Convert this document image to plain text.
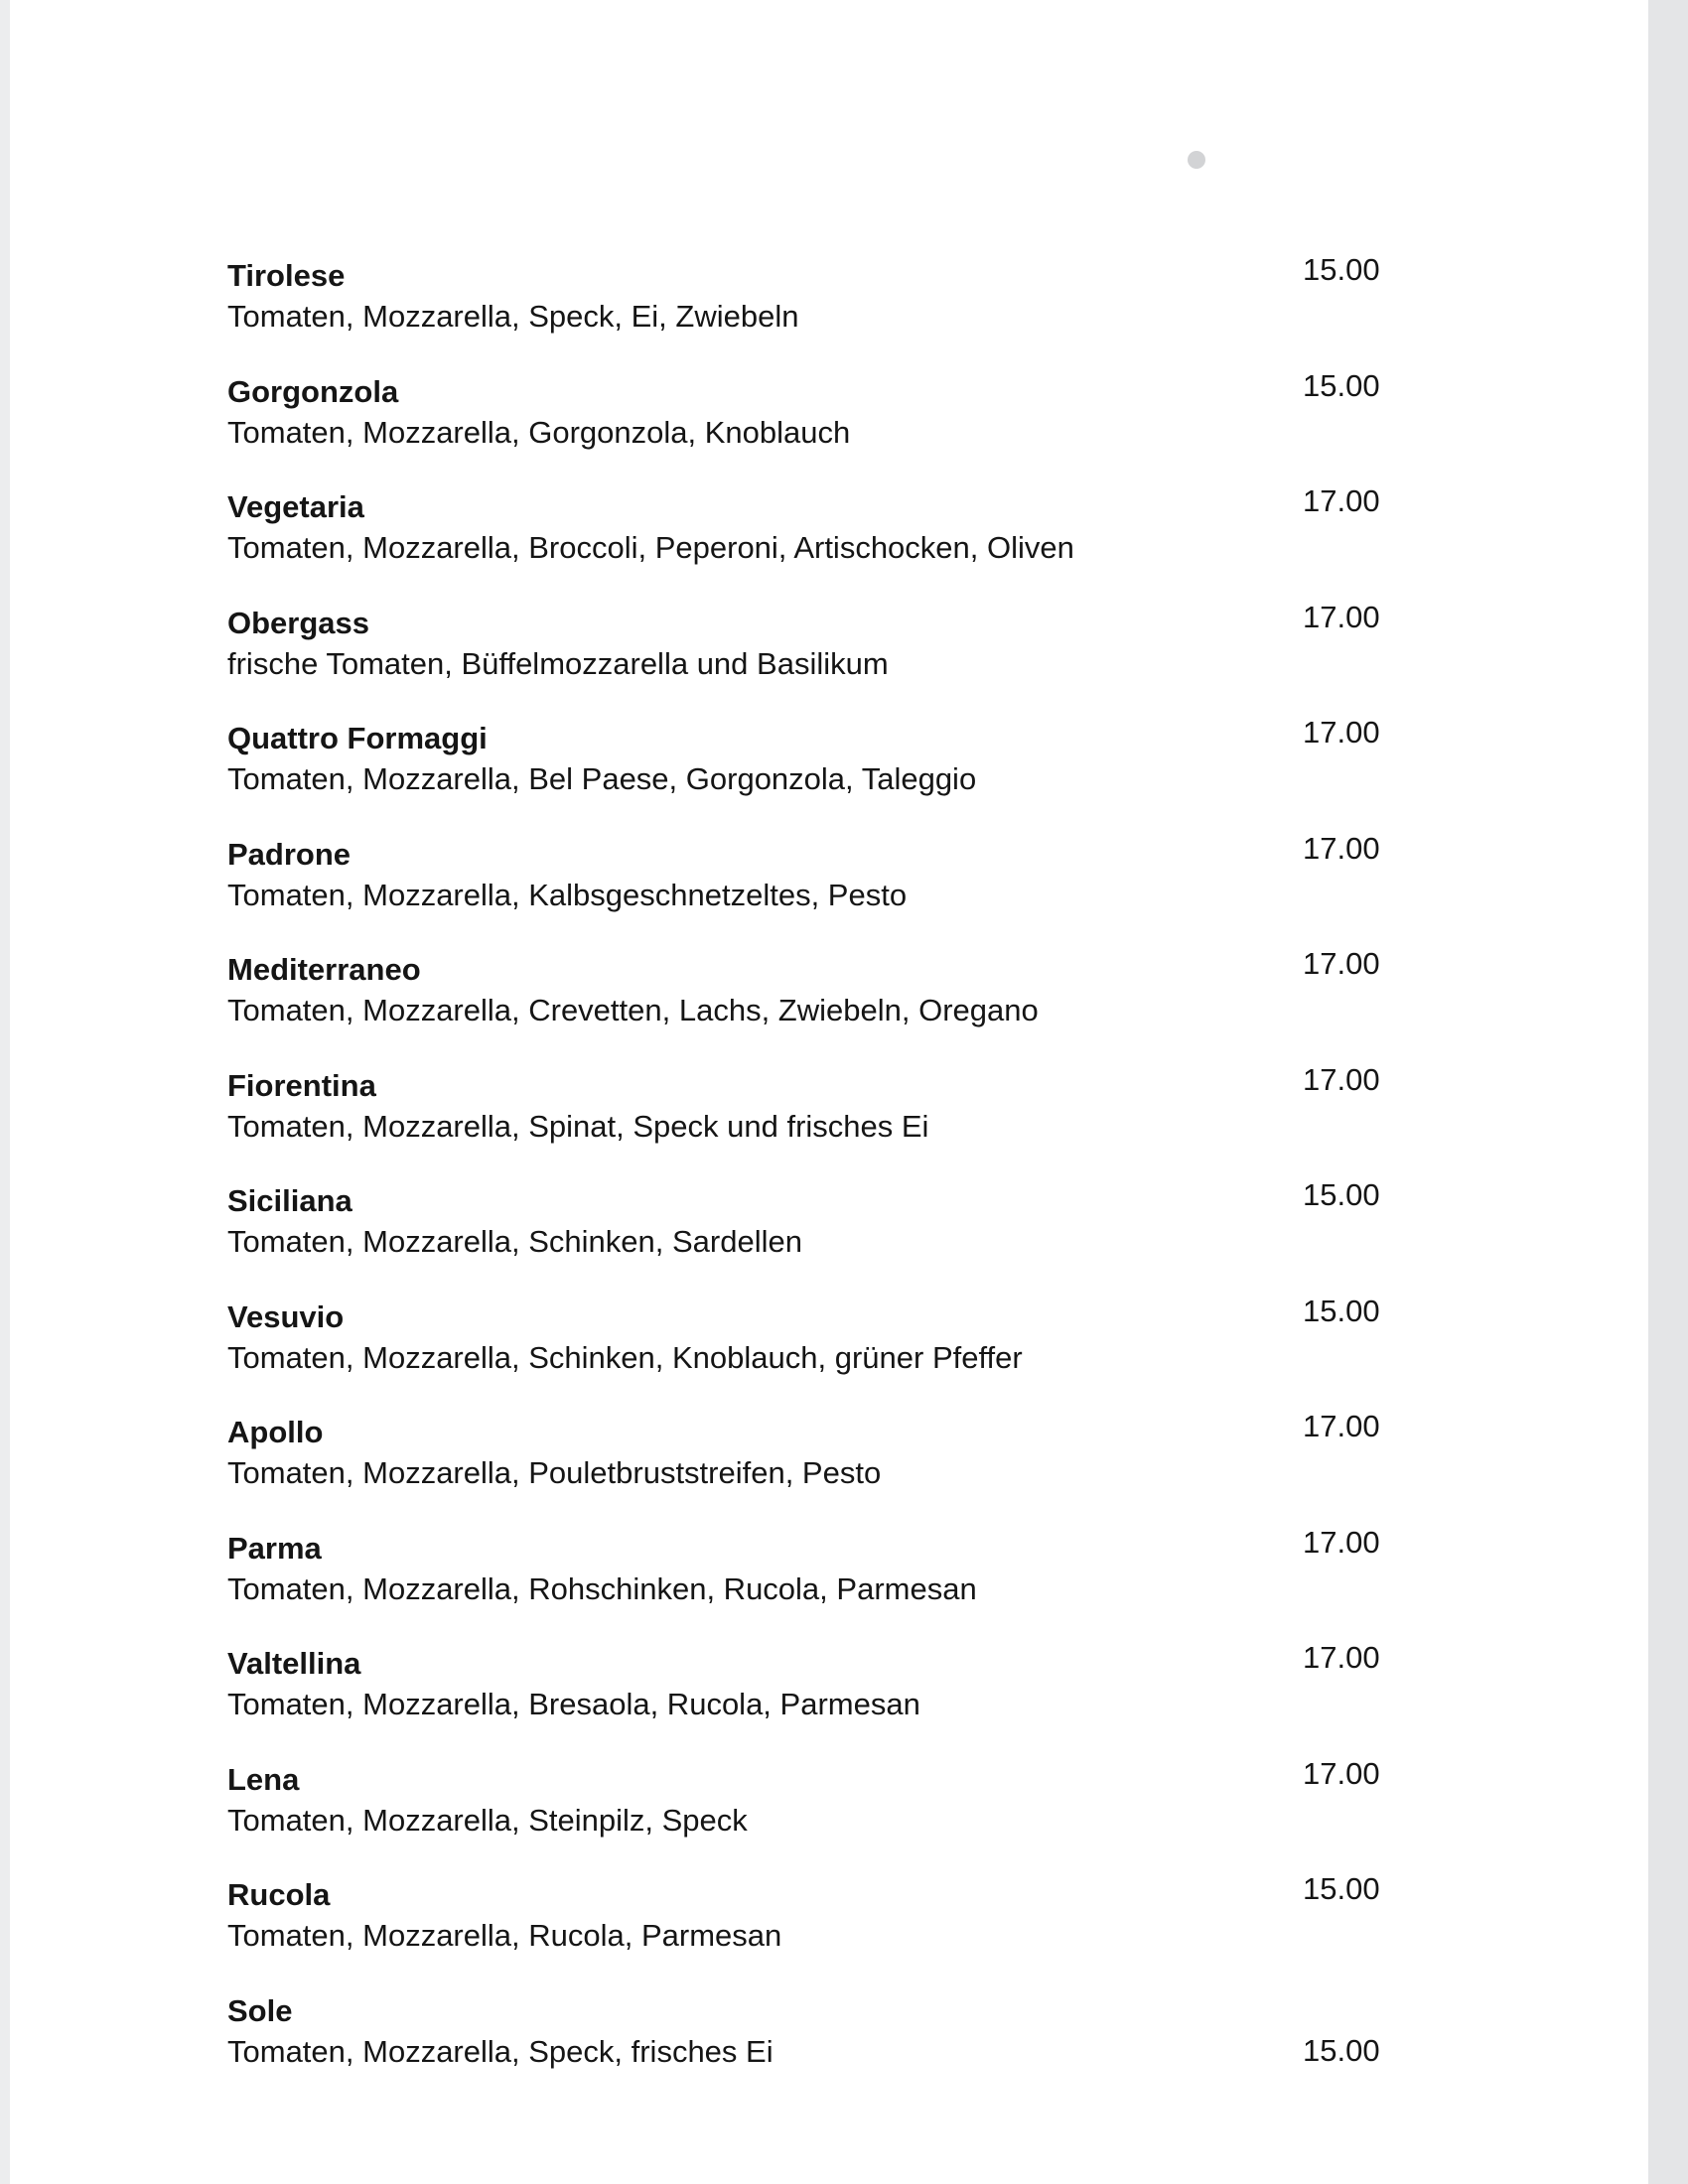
Tirolese
Tomaten, Mozzarella, Speck, Ei, Zwiebeln
15.00
Gorgonzola
Tomaten, Mozzarella, Gorgonzola, Knoblauch
15.00
Vegetaria
Tomaten, Mozzarella, Broccoli, Peperoni, Artischocken, Oliven
17.00
Obergass
frische Tomaten, Büffelmozzarella und Basilikum
17.00
Quattro Formaggi
Tomaten, Mozzarella, Bel Paese, Gorgonzola, Taleggio
17.00
Padrone
Tomaten, Mozzarella, Kalbsgeschnetzeltes, Pesto
17.00
Mediterraneo
Tomaten, Mozzarella, Crevetten, Lachs, Zwiebeln, Oregano
17.00
Fiorentina
Tomaten, Mozzarella, Spinat, Speck und frisches Ei
17.00
Siciliana
Tomaten, Mozzarella, Schinken, Sardellen
15.00
Vesuvio
Tomaten, Mozzarella, Schinken, Knoblauch, grüner Pfeffer
15.00
Apollo
Tomaten, Mozzarella, Pouletbruststreifen, Pesto
17.00
Parma
Tomaten, Mozzarella, Rohschinken, Rucola, Parmesan
17.00
Valtellina
Tomaten, Mozzarella, Bresaola, Rucola, Parmesan
17.00
Lena
Tomaten, Mozzarella, Steinpilz, Speck
17.00
Rucola
Tomaten, Mozzarella, Rucola, Parmesan
15.00
Sole
Tomaten, Mozzarella, Speck, frisches Ei	15.00
